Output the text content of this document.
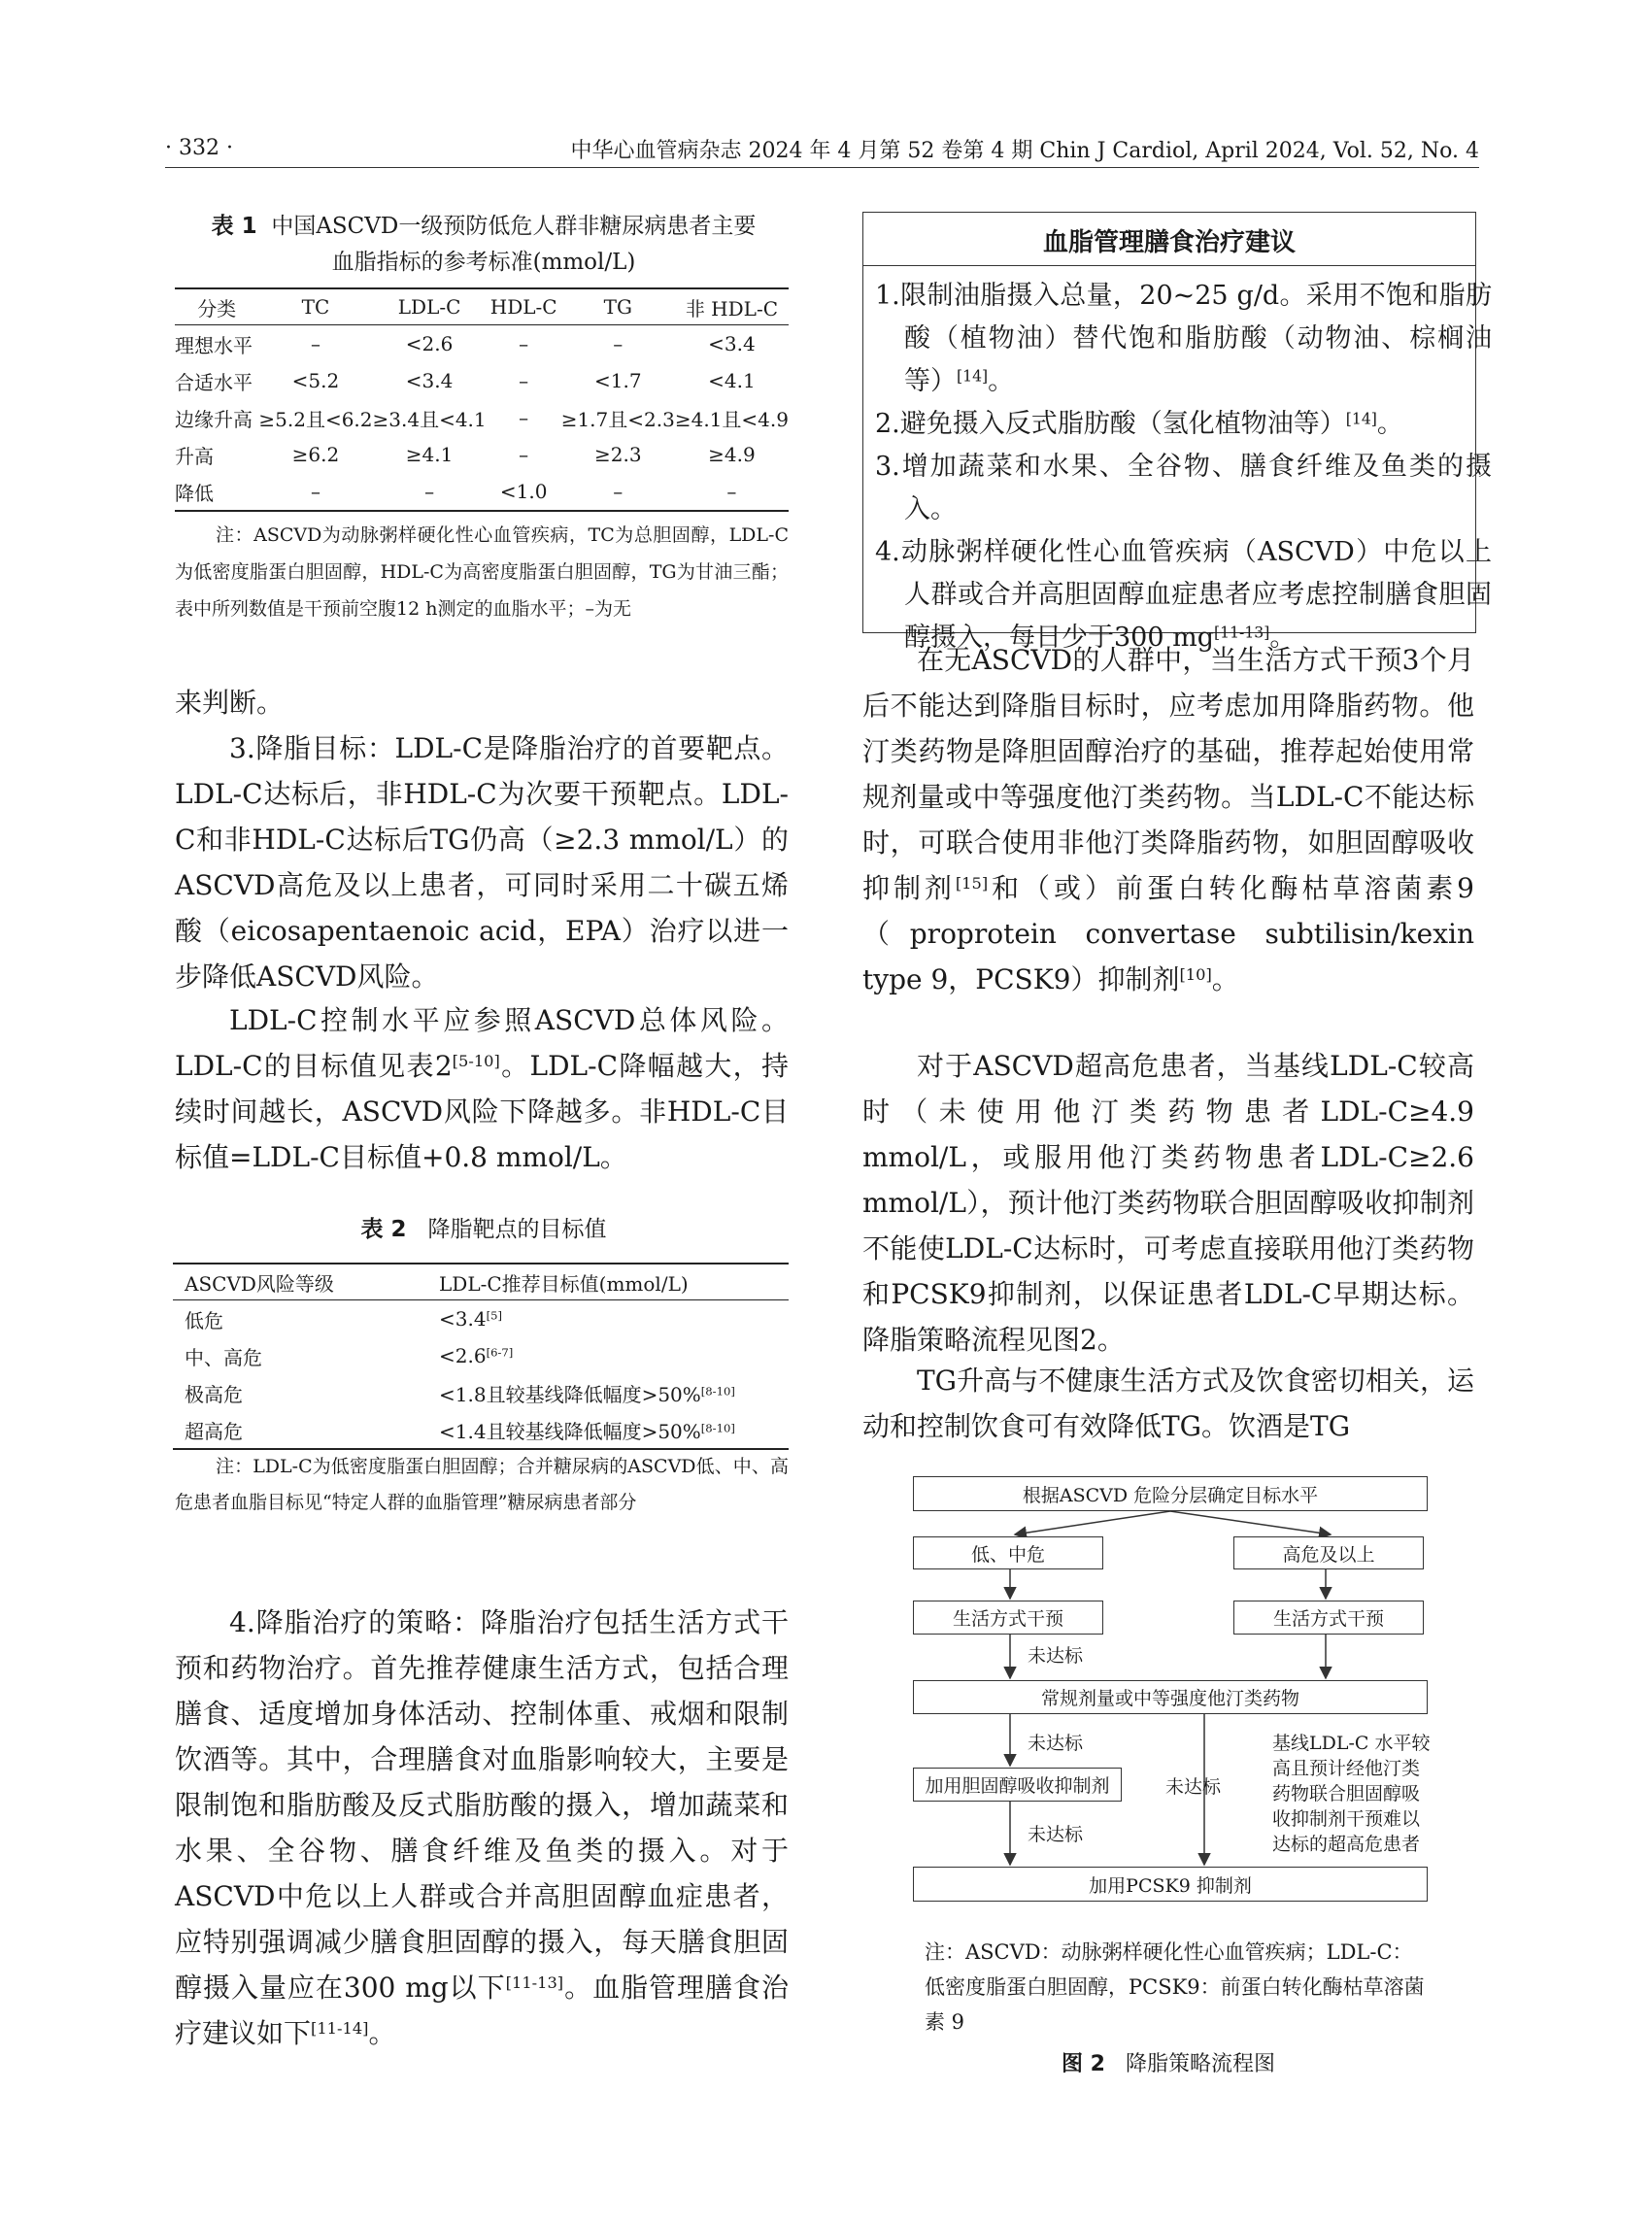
· 332 ·	中华心血管病杂志 2024 年 4 月第 52 卷第 4 期 Chin J Cardiol, April 2024, Vol. 52, No. 4
表 1 中国ASCVD一级预防低危人群非糖尿病患者主要
血脂指标的参考标准(mmol/L)
分类	TC	LDL-C	HDL-C	TG	非 HDL-C
理想水平	–	<2.6	–	–	<3.4
合适水平	<5.2	<3.4	–	<1.7	<4.1
边缘升高	≥5.2且<6.2	≥3.4且<4.1	–	≥1.7且<2.3	≥4.1且<4.9
升高	≥6.2	≥4.1	–	≥2.3	≥4.9
降低	–	–	<1.0	–	–
注：ASCVD为动脉粥样硬化性心血管疾病，TC为总胆固醇，LDL-C为低密度脂蛋白胆固醇，HDL-C为高密度脂蛋白胆固醇，TG为甘油三酯；表中所列数值是干预前空腹12 h测定的血脂水平；–为无
来判断。
3.降脂目标：LDL-C是降脂治疗的首要靶点。LDL-C达标后，非HDL-C为次要干预靶点。LDL-C和非HDL-C达标后TG仍高（≥2.3 mmol/L）的ASCVD高危及以上患者，可同时采用二十碳五烯酸（eicosapentaenoic acid，EPA）治疗以进一步降低ASCVD风险。
LDL-C控制水平应参照ASCVD总体风险。LDL-C的目标值见表2[5-10]。LDL-C降幅越大，持续时间越长，ASCVD风险下降越多。非HDL-C目标值=LDL-C目标值+0.8 mmol/L。
表 2 降脂靶点的目标值
ASCVD风险等级	LDL-C推荐目标值(mmol/L)
低危	<3.4[5]
中、高危	<2.6[6-7]
极高危	<1.8且较基线降低幅度>50%[8-10]
超高危	<1.4且较基线降低幅度>50%[8-10]
注：LDL-C为低密度脂蛋白胆固醇；合并糖尿病的ASCVD低、中、高危患者血脂目标见“特定人群的血脂管理”糖尿病患者部分
4.降脂治疗的策略：降脂治疗包括生活方式干预和药物治疗。首先推荐健康生活方式，包括合理膳食、适度增加身体活动、控制体重、戒烟和限制饮酒等。其中，合理膳食对血脂影响较大，主要是限制饱和脂肪酸及反式脂肪酸的摄入，增加蔬菜和水果、全谷物、膳食纤维及鱼类的摄入。对于ASCVD中危以上人群或合并高胆固醇血症患者，应特别强调减少膳食胆固醇的摄入，每天膳食胆固醇摄入量应在300 mg以下[11-13]。血脂管理膳食治疗建议如下[11-14]。
血脂管理膳食治疗建议
1.限制油脂摄入总量，20~25 g/d。采用不饱和脂肪酸（植物油）替代饱和脂肪酸（动物油、棕榈油等）[14]。
2.避免摄入反式脂肪酸（氢化植物油等）[14]。
3.增加蔬菜和水果、全谷物、膳食纤维及鱼类的摄入。
4.动脉粥样硬化性心血管疾病（ASCVD）中危以上人群或合并高胆固醇血症患者应考虑控制膳食胆固醇摄入，每日少于300 mg[11-13]。
在无ASCVD的人群中，当生活方式干预3个月后不能达到降脂目标时，应考虑加用降脂药物。他汀类药物是降胆固醇治疗的基础，推荐起始使用常规剂量或中等强度他汀类药物。当LDL-C不能达标时，可联合使用非他汀类降脂药物，如胆固醇吸收抑制剂[15]和（或）前蛋白转化酶枯草溶菌素9（proprotein convertase subtilisin/kexin type 9，PCSK9）抑制剂[10]。
对于ASCVD超高危患者，当基线LDL-C较高时（未使用他汀类药物患者LDL-C≥4.9 mmol/L，或服用他汀类药物患者LDL-C≥2.6 mmol/L），预计他汀类药物联合胆固醇吸收抑制剂不能使LDL-C达标时，可考虑直接联用他汀类药物和PCSK9抑制剂，以保证患者LDL-C早期达标。降脂策略流程见图2。
TG升高与不健康生活方式及饮食密切相关，运动和控制饮食可有效降低TG。饮酒是TG
根据ASCVD 危险分层确定目标水平
低、中危	高危及以上
生活方式干预	生活方式干预
未达标
常规剂量或中等强度他汀类药物
未达标
加用胆固醇吸收抑制剂	未达标
基线LDL-C 水平较高且预计经他汀类药物联合胆固醇吸收抑制剂干预难以达标的超高危患者
未达标
加用PCSK9 抑制剂
注：ASCVD：动脉粥样硬化性心血管疾病；LDL-C：低密度脂蛋白胆固醇，PCSK9：前蛋白转化酶枯草溶菌素 9
图 2 降脂策略流程图
